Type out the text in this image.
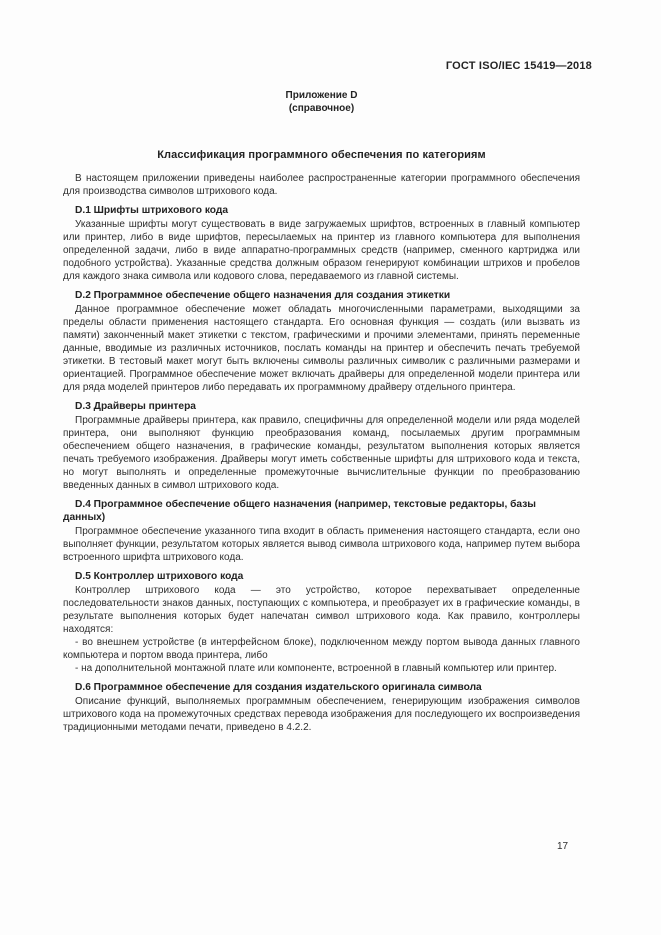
ГОСТ ISO/IEC 15419—2018
Приложение D
(справочное)
Классификация программного обеспечения по категориям

В настоящем приложении приведены наиболее распространенные категории программного обеспечения для производства символов штрихового кода.

D.1 Шрифты штрихового кода

Указанные шрифты могут существовать в виде загружаемых шрифтов, встроенных в главный компьютер или принтер, либо в виде шрифтов, пересылаемых на принтер из главного компьютера для выполнения определенной задачи, либо в виде аппаратно-программных средств (например, сменного картриджа или подобного устройства). Указанные средства должным образом генерируют комбинации штрихов и пробелов для каждого знака символа или кодового слова, передаваемого из главной системы.

D.2 Программное обеспечение общего назначения для создания этикетки

Данное программное обеспечение может обладать многочисленными параметрами, выходящими за пределы области применения настоящего стандарта. Его основная функция — создать (или вызвать из памяти) законченный макет этикетки с текстом, графическими и прочими элементами, принять переменные данные, вводимые из различных источников, послать команды на принтер и обеспечить печать требуемой этикетки. В тестовый макет могут быть включены символы различных символик с различными размерами и ориентацией. Программное обеспечение может включать драйверы для определенной модели принтера или для ряда моделей принтеров либо передавать их программному драйверу отдельного принтера.

D.3 Драйверы принтера

Программные драйверы принтера, как правило, специфичны для определенной модели или ряда моделей принтера, они выполняют функцию преобразования команд, посылаемых другим программным обеспечением общего назначения, в графические команды, результатом выполнения которых является печать требуемого изображения. Драйверы могут иметь собственные шрифты для штрихового кода и текста, но могут выполнять и определенные промежуточные вычислительные функции по преобразованию введенных данных в символ штрихового кода.

D.4 Программное обеспечение общего назначения (например, текстовые редакторы, базы данных)

Программное обеспечение указанного типа входит в область применения настоящего стандарта, если оно выполняет функции, результатом которых является вывод символа штрихового кода, например путем выбора встроенного шрифта штрихового кода.

D.5 Контроллер штрихового кода

Контроллер штрихового кода — это устройство, которое перехватывает определенные последовательности знаков данных, поступающих с компьютера, и преобразует их в графические команды, в результате выполнения которых будет напечатан символ штрихового кода. Как правило, контроллеры находятся:

- во внешнем устройстве (в интерфейсном блоке), подключенном между портом вывода данных главного компьютера и портом ввода принтера, либо

- на дополнительной монтажной плате или компоненте, встроенной в главный компьютер или принтер.

D.6 Программное обеспечение для создания издательского оригинала символа

Описание функций, выполняемых программным обеспечением, генерирующим изображения символов штрихового кода на промежуточных средствах перевода изображения для последующего их воспроизведения традиционными методами печати, приведено в 4.2.2.

17
